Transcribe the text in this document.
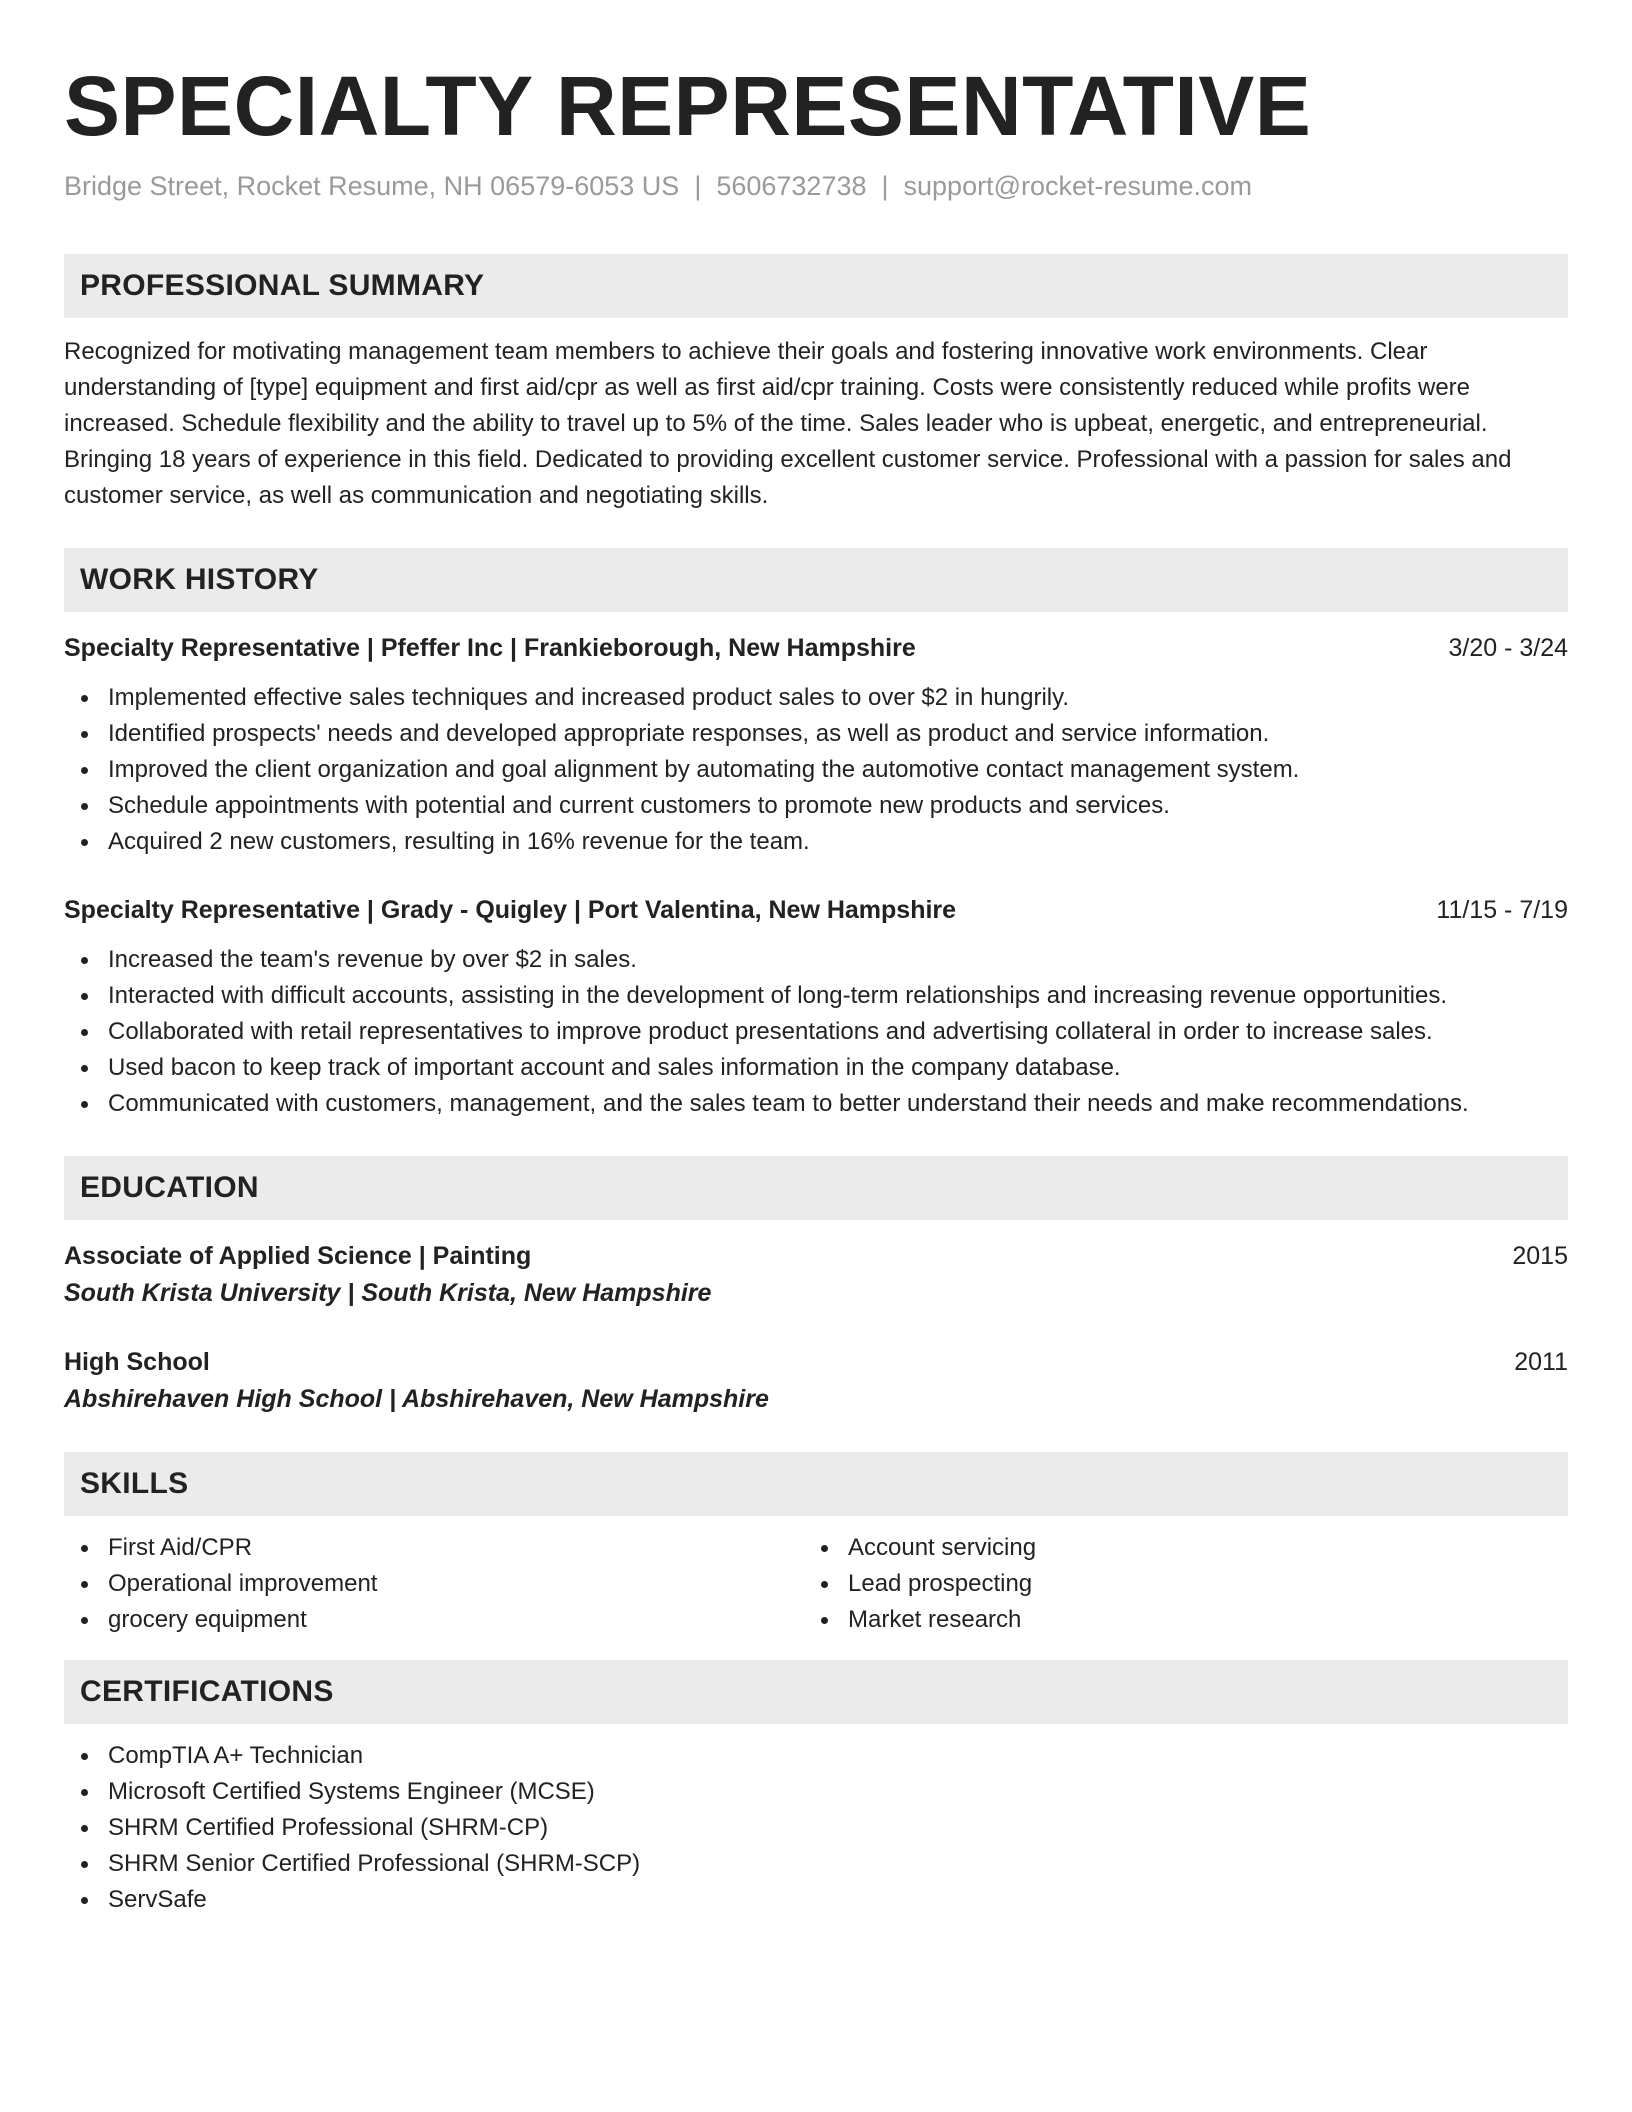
SPECIALTY REPRESENTATIVE
Bridge Street, Rocket Resume, NH 06579-6053 US | 5606732738 | support@rocket-resume.com
PROFESSIONAL SUMMARY
Recognized for motivating management team members to achieve their goals and fostering innovative work environments. Clear understanding of [type] equipment and first aid/cpr as well as first aid/cpr training. Costs were consistently reduced while profits were increased. Schedule flexibility and the ability to travel up to 5% of the time. Sales leader who is upbeat, energetic, and entrepreneurial. Bringing 18 years of experience in this field. Dedicated to providing excellent customer service. Professional with a passion for sales and customer service, as well as communication and negotiating skills.
WORK HISTORY
Specialty Representative | Pfeffer Inc | Frankieborough, New Hampshire	3/20 - 3/24
Implemented effective sales techniques and increased product sales to over $2 in hungrily.
Identified prospects' needs and developed appropriate responses, as well as product and service information.
Improved the client organization and goal alignment by automating the automotive contact management system.
Schedule appointments with potential and current customers to promote new products and services.
Acquired 2 new customers, resulting in 16% revenue for the team.
Specialty Representative | Grady - Quigley | Port Valentina, New Hampshire	11/15 - 7/19
Increased the team's revenue by over $2 in sales.
Interacted with difficult accounts, assisting in the development of long-term relationships and increasing revenue opportunities.
Collaborated with retail representatives to improve product presentations and advertising collateral in order to increase sales.
Used bacon to keep track of important account and sales information in the company database.
Communicated with customers, management, and the sales team to better understand their needs and make recommendations.
EDUCATION
Associate of Applied Science | Painting	2015
South Krista University | South Krista, New Hampshire
High School	2011
Abshirehaven High School | Abshirehaven, New Hampshire
SKILLS
First Aid/CPR
Operational improvement
grocery equipment
Account servicing
Lead prospecting
Market research
CERTIFICATIONS
CompTIA A+ Technician
Microsoft Certified Systems Engineer (MCSE)
SHRM Certified Professional (SHRM-CP)
SHRM Senior Certified Professional (SHRM-SCP)
ServSafe
